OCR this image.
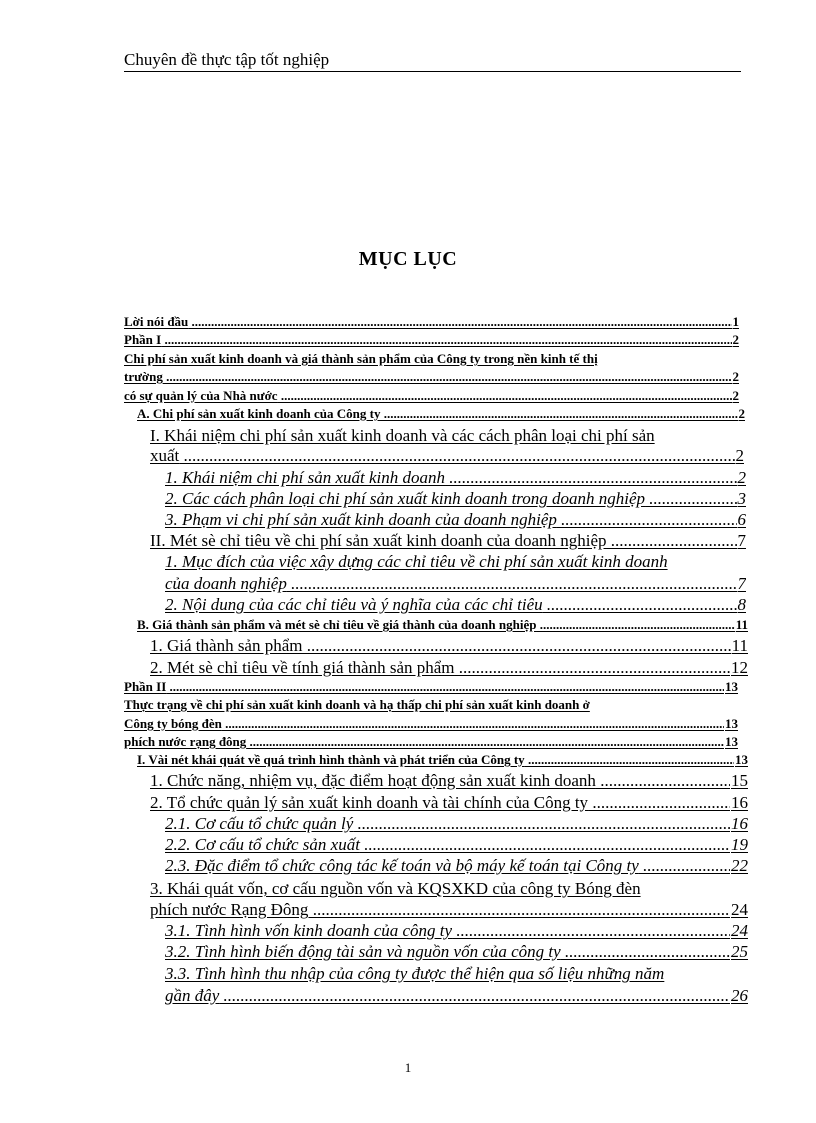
Chuyên đề thực tập tốt nghiệp
MỤC LỤC
Lời nói đầu .....	1
Phần I .....	2
Chi phí sản xuất kinh doanh và giá thành sản phẩm của Công ty trong nền kinh tế thị
trường .....	2
có sự quản lý của Nhà nước .....	2
A. Chi phí sản xuất kinh doanh của Công ty .....	2
I. Khái niệm chi phí sản xuất kinh doanh và các cách phân loại chi phí sản
xuất .....	2
1. Khái niệm chi phí sản xuất kinh doanh .....	2
2. Các cách phân loại chi phí sản xuất kinh doanh trong doanh nghiệp .....	3
3. Phạm vi chi phí sản xuất kinh doanh của doanh nghiệp .....	6
II. Mét sè chỉ tiêu về chi phí sản xuất kinh doanh của doanh nghiệp .....	7
1. Mục đích của việc xây dựng các chỉ tiêu về chi phí sản xuất kinh doanh
của doanh nghiệp .....	7
2. Nội dung của các chỉ tiêu và ý nghĩa của các chỉ tiêu .....	8
B. Giá thành sản phẩm và mét sè chỉ tiêu về giá thành của doanh nghiệp .....	11
1. Giá thành sản phẩm .....	11
2. Mét sè chỉ tiêu về tính giá thành sản phẩm .....	12
Phần II .....	13
Thực trạng về chi phí sản xuất kinh doanh và hạ thấp chi phí sản xuất kinh doanh ở
Công ty bóng đèn .....	13
phích nước rạng đông .....	13
I. Vài nét khái quát về quá trình hình thành và phát triển của Công ty .....	13
1. Chức năng, nhiệm vụ, đặc điểm hoạt động sản xuất kinh doanh .....	15
2. Tổ chức quản lý sản xuất kinh doanh và tài chính của Công ty .....	16
2.1. Cơ cấu tổ chức quản lý .....	16
2.2. Cơ cấu tổ chức sản xuất .....	19
2.3. Đặc điểm tổ chức công tác kế toán và bộ máy kế toán tại Công ty .....	22
3. Khái quát vốn, cơ cấu nguồn vốn và KQSXKD của công ty Bóng đèn
phích nước Rạng Đông .....	24
3.1. Tình hình vốn kinh doanh của công ty .....	24
3.2. Tình hình biến động tài sản và nguồn vốn của công ty .....	25
3.3. Tình hình thu nhập của công ty được thể hiện qua số liệu những năm
gần đây .....	26
1
